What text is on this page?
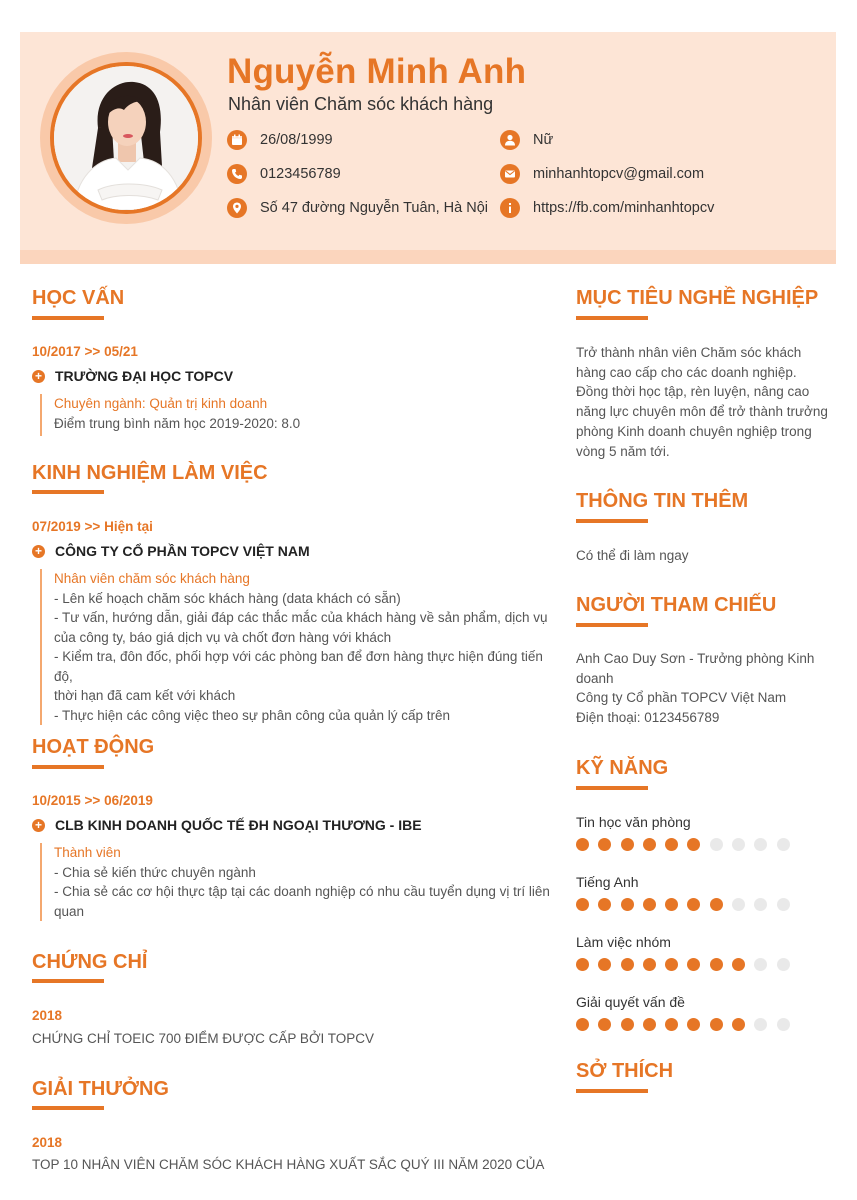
Nguyễn Minh Anh
Nhân viên Chăm sóc khách hàng
26/08/1999
0123456789
Số 47 đường Nguyễn Tuân, Hà Nội
Nữ
minhanhtopcv@gmail.com
https://fb.com/minhanhtopcv
HỌC VẤN
10/2017 >> 05/21
+ TRƯỜNG ĐẠI HỌC TOPCV
Chuyên ngành: Quản trị kinh doanh
Điểm trung bình năm học 2019-2020: 8.0
KINH NGHIỆM LÀM VIỆC
07/2019 >> Hiện tại
+ CÔNG TY CỔ PHẦN TOPCV VIỆT NAM
Nhân viên chăm sóc khách hàng
- Lên kế hoạch chăm sóc khách hàng (data khách có sẵn)
- Tư vấn, hướng dẫn, giải đáp các thắc mắc của khách hàng về sản phẩm, dịch vụ
của công ty, báo giá dịch vụ và chốt đơn hàng với khách
- Kiểm tra, đôn đốc, phối hợp với các phòng ban để đơn hàng thực hiện đúng tiến độ,
thời hạn đã cam kết với khách
- Thực hiện các công việc theo sự phân công của quản lý cấp trên
HOẠT ĐỘNG
10/2015 >> 06/2019
+ CLB KINH DOANH QUỐC TẾ ĐH NGOẠI THƯƠNG - IBE
Thành viên
- Chia sẻ kiến thức chuyên ngành
- Chia sẻ các cơ hội thực tập tại các doanh nghiệp có nhu cầu tuyển dụng vị trí liên
quan
CHỨNG CHỈ
2018
CHỨNG CHỈ TOEIC 700 ĐIỂM ĐƯỢC CẤP BỞI TOPCV
GIẢI THƯỞNG
2018
TOP 10 NHÂN VIÊN CHĂM SÓC KHÁCH HÀNG XUẤT SẮC QUÝ III NĂM 2020 CỦA
MỤC TIÊU NGHỀ NGHIỆP
Trở thành nhân viên Chăm sóc khách
hàng cao cấp cho các doanh nghiệp.
Đồng thời học tập, rèn luyện, nâng cao
năng lực chuyên môn để trở thành trưởng
phòng Kinh doanh chuyên nghiệp trong
vòng 5 năm tới.
THÔNG TIN THÊM
Có thể đi làm ngay
NGƯỜI THAM CHIẾU
Anh Cao Duy Sơn - Trưởng phòng Kinh
doanh
Công ty Cổ phần TOPCV Việt Nam
Điện thoại: 0123456789
KỸ NĂNG
Tin học văn phòng
Tiếng Anh
Làm việc nhóm
Giải quyết vấn đề
SỞ THÍCH
